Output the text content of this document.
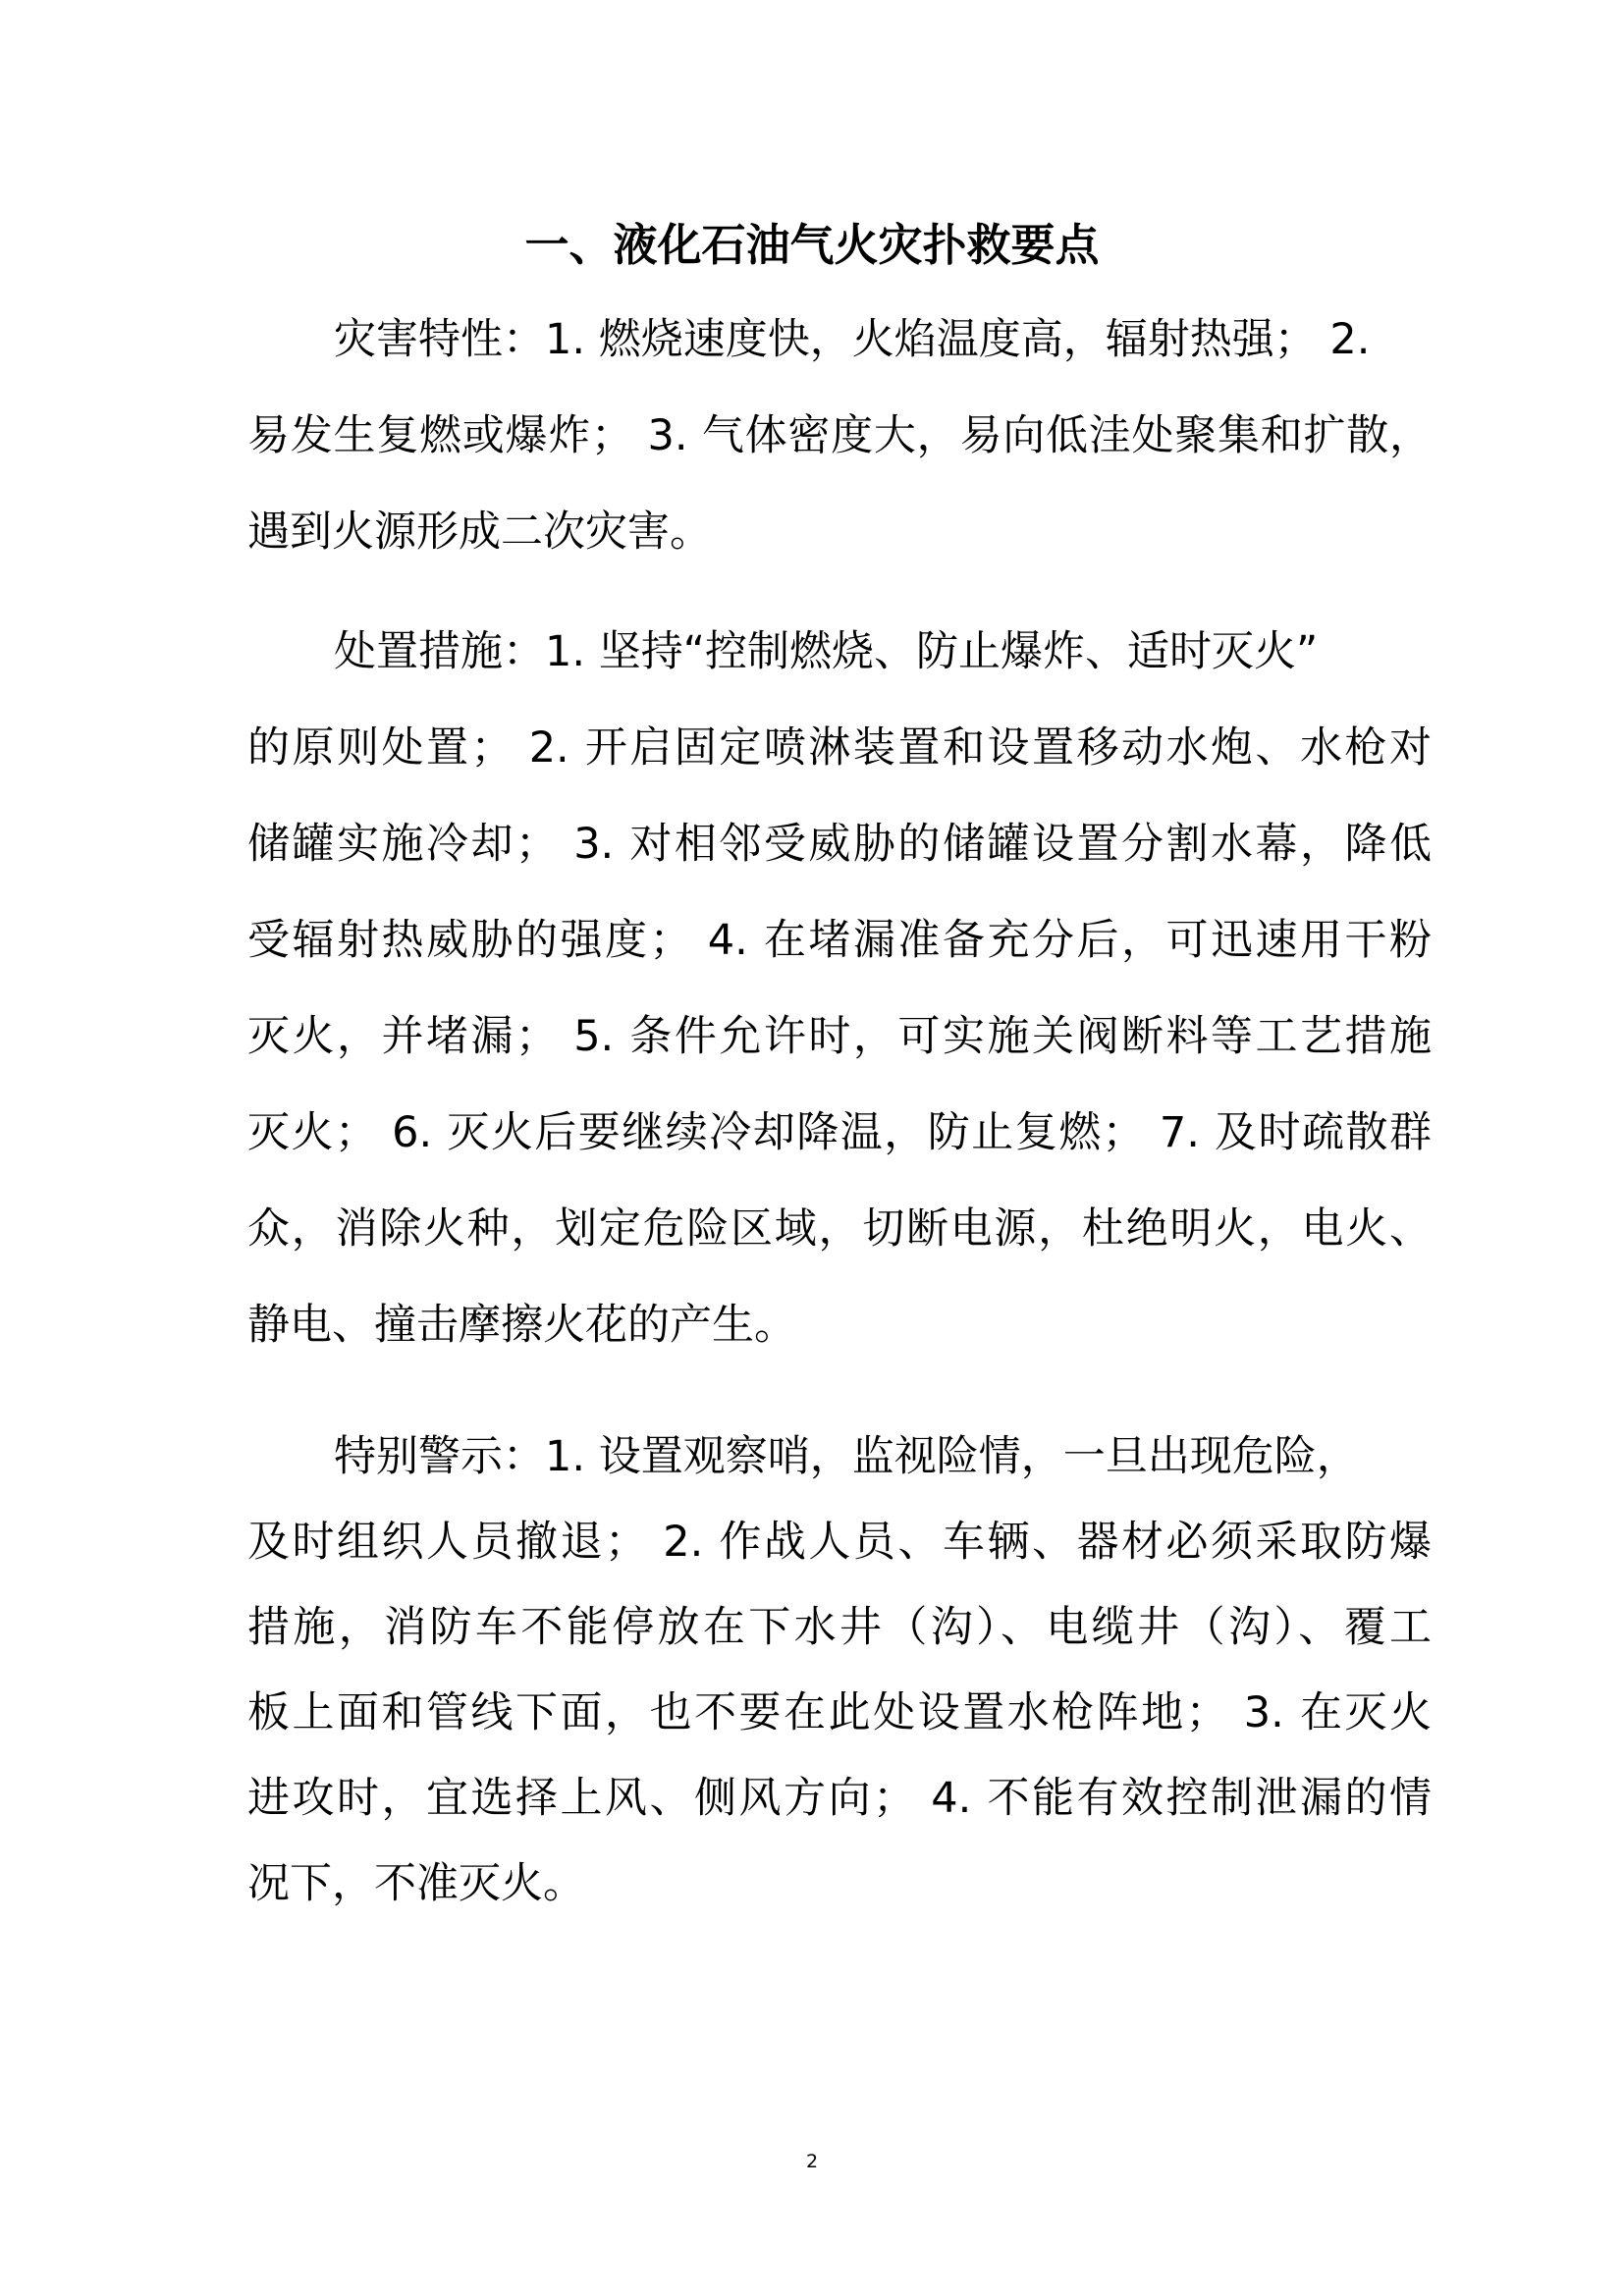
一、液化石油气火灾扑救要点
灾害特性：1. 燃烧速度快，火焰温度高，辐射热强； 2.
易发生复燃或爆炸； 3. 气体密度大，易向低洼处聚集和扩散，
遇到火源形成二次灾害。
处置措施：1. 坚持“控制燃烧、防止爆炸、适时灭火”
的原则处置； 2. 开启固定喷淋装置和设置移动水炮、水枪对
储罐实施冷却； 3. 对相邻受威胁的储罐设置分割水幕，降低
受辐射热威胁的强度； 4. 在堵漏准备充分后，可迅速用干粉
灭火，并堵漏； 5. 条件允许时，可实施关阀断料等工艺措施
灭火； 6. 灭火后要继续冷却降温，防止复燃； 7. 及时疏散群
众，消除火种，划定危险区域，切断电源，杜绝明火，电火、
静电、撞击摩擦火花的产生。
特别警示：1. 设置观察哨，监视险情，一旦出现危险，
及时组织人员撤退； 2. 作战人员、车辆、器材必须采取防爆
措施，消防车不能停放在下水井（沟）、电缆井（沟）、覆工
板上面和管线下面，也不要在此处设置水枪阵地； 3. 在灭火
进攻时，宜选择上风、侧风方向； 4. 不能有效控制泄漏的情
况下，不准灭火。
2
